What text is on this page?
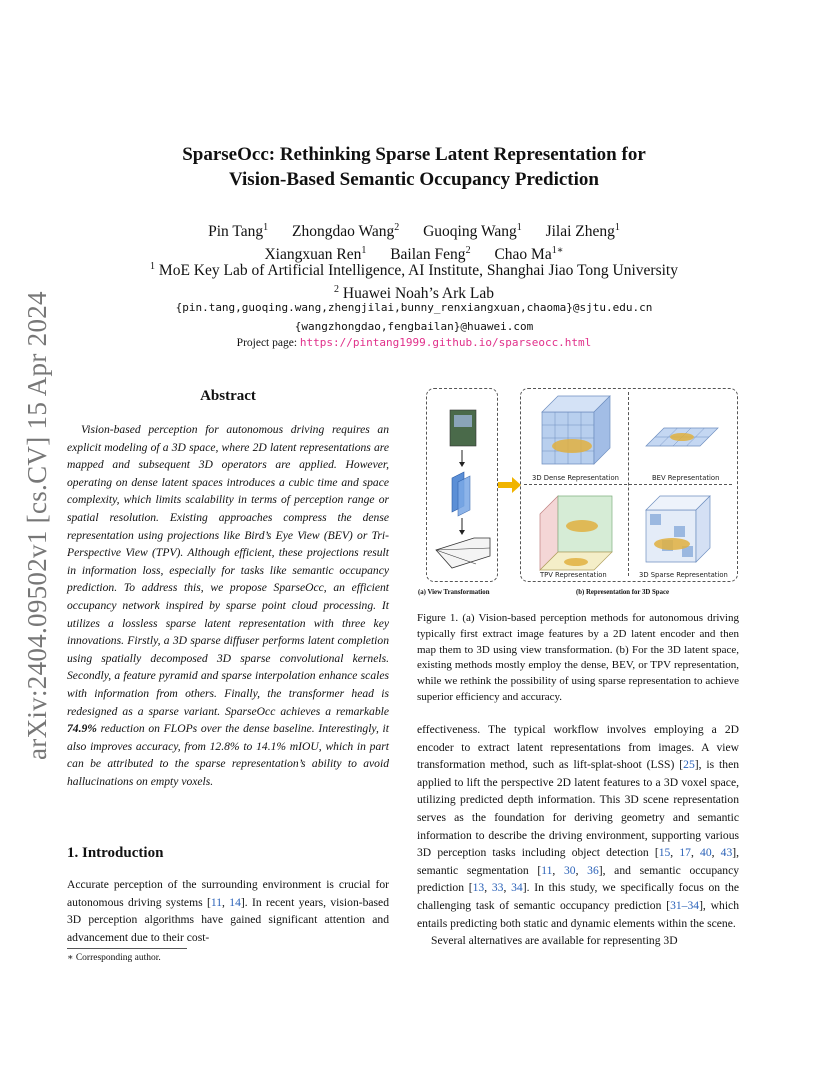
arXiv:2404.09502v1 [cs.CV] 15 Apr 2024
SparseOcc: Rethinking Sparse Latent Representation for
Vision-Based Semantic Occupancy Prediction
Pin Tang$^1$ Zhongdao Wang$^2$ Guoqing Wang$^1$ Jilai Zheng$^1$
Xiangxuan Ren$^1$ Bailan Feng$^2$ Chao $Ma^{1∗}$
$^1$ MoE Key Lab of Artificial Intelligence, AI Institute, Shanghai Jiao Tong University
$^2$ Huawei Noah’s Ark Lab
{pin.tang,guoqing.wang,zhengjilai,bunny_renxiangxuan,chaoma}@sjtu.edu.cn
{wangzhongdao,fengbailan}@huawei.com
Project page: https://pintang1999.github.io/sparseocc.html
Abstract
Vision-based perception for autonomous driving requires an explicit modeling of a 3D space, where 2D latent representations are mapped and subsequent 3D operators are applied. However, operating on dense latent spaces introduces a cubic time and space complexity, which limits scalability in terms of perception range or spatial resolution. Existing approaches compress the dense representation using projections like Bird’s Eye View (BEV) or Tri-Perspective View (TPV). Although efficient, these projections result in information loss, especially for tasks like semantic occupancy prediction. To address this, we propose SparseOcc, an efficient occupancy network inspired by sparse point cloud processing. It utilizes a lossless sparse latent representation with three key innovations. Firstly, a 3D sparse diffuser performs latent completion using spatially decomposed 3D sparse convolutional kernels. Secondly, a feature pyramid and sparse interpolation enhance scales with information from others. Finally, the transformer head is redesigned as a sparse variant. SparseOcc achieves a remarkable 74.9% reduction on FLOPs over the dense baseline. Interestingly, it also improves accuracy, from 12.8% to 14.1% mIOU, which in part can be attributed to the sparse representation’s ability to avoid hallucinations on empty voxels.
1. Introduction
Accurate perception of the surrounding environment is crucial for autonomous driving systems [11, 14]. In recent years, vision-based 3D perception algorithms have gained significant attention and advancement due to their cost-
∗ Corresponding author.
3D Dense Representation	BEV Representation
TPV Representation	3D Sparse Representation
(a) View Transformation	(b) Representation for 3D Space
Figure 1. (a) Vision-based perception methods for autonomous driving typically first extract image features by a 2D latent encoder and then map them to 3D using view transformation. (b) For the 3D latent space, existing methods mostly employ the dense, BEV, or TPV representation, while we rethink the possibility of using sparse representation to achieve superior efficiency and accuracy.

effectiveness. The typical workflow involves employing a 2D encoder to extract latent representations from images. A view transformation method, such as lift-splat-shoot (LSS) [25], is then applied to lift the perspective 2D latent features to a 3D voxel space, utilizing predicted depth information. This 3D scene representation serves as the foundation for deriving geometry and semantic information to describe the driving environment, supporting various 3D perception tasks including object detection [15, 17, 40, 43], semantic segmentation [11, 30, 36], and semantic occupancy prediction [13, 33, 34]. In this study, we specifically focus on the challenging task of semantic occupancy prediction [31–34], which entails predicting both static and dynamic elements within the scene.

Several alternatives are available for representing 3D
